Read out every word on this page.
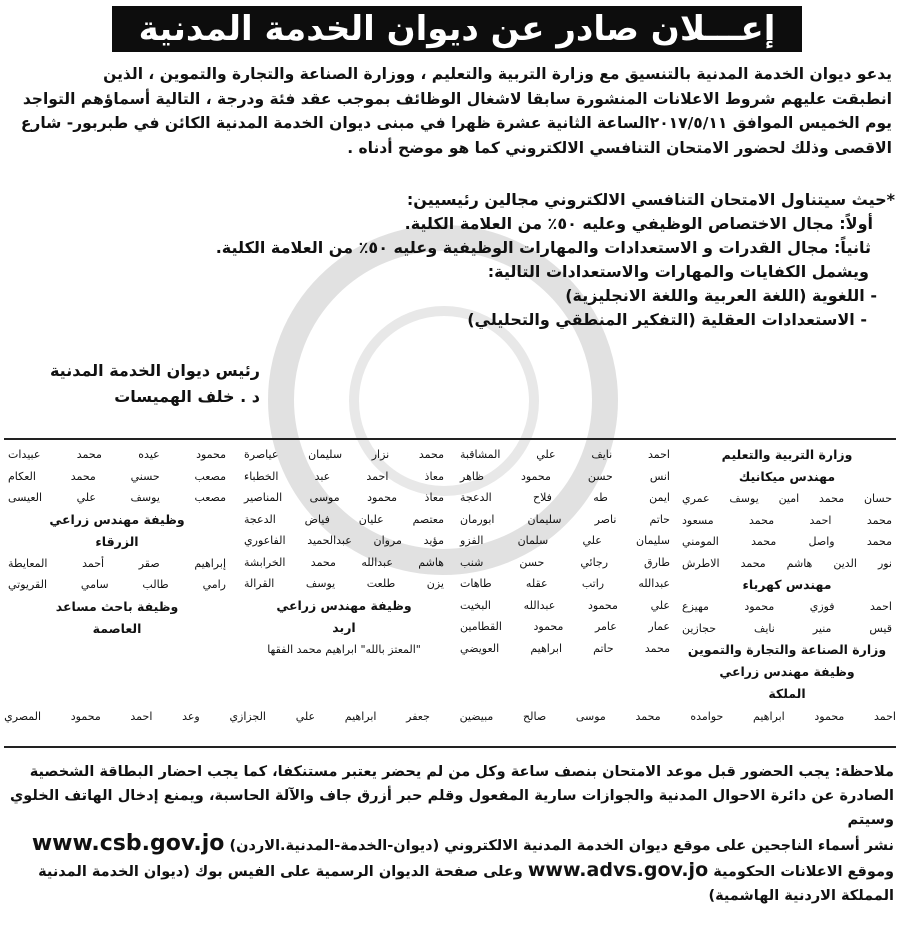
إعـــلان صادر عن ديوان الخدمة المدنية

يدعو ديوان الخدمة المدنية بالتنسيق مع وزارة التربية والتعليم ، ووزارة الصناعة والتجارة والتموين ، الذين

انطبقت عليهم شروط الاعلانات المنشورة سابقا لاشغال الوظائف بموجب عقد فئة ودرجة ، التالية أسماؤهم التواجد

يوم الخميس الموافق ٢٠١٧/٥/١١الساعة الثانية عشرة ظهرا في مبنى ديوان الخدمة المدنية الكائن في طبربور- شارع

الاقصى وذلك لحضور الامتحان التنافسي الالكتروني كما هو موضح أدناه .

*حيث سيتناول الامتحان التنافسي الالكتروني مجالين رئيسيين:
أولاً: مجال الاختصاص الوظيفي وعليه ٥٠٪ من العلامة الكلية.
ثانياً: مجال القدرات و الاستعدادات والمهارات الوظيفية وعليه ٥٠٪ من العلامة الكلية.
ويشمل الكفايات والمهارات والاستعدادات التالية:
- اللغوية (اللغة العربية واللغة الانجليزية)
- الاستعدادات العقلية (التفكير المنطقي والتحليلي)
رئيس ديوان الخدمة المدنية
د . خلف الهميسات
وزارة التربية والتعليم
مهندس ميكانيك
حسان
محمد
امين
يوسف
عمري
محمد
احمد
محمد
مسعود
محمد
واصل
محمد
المومني
نور
الدين
هاشم
محمد
الاطرش
مهندس كهرباء
احمد
فوزي
محمود
مهيزع
قيس
منير
نايف
حجازين
وزارة الصناعة والتجارة والتموين
وظيفة مهندس زراعي
الملكة
احمد
نايف
علي
المشاقبة
انس
حسن
محمود
ظاهر
ايمن
طه
فلاح
الدعجة
حاتم
ناصر
سليمان
ابورمان
سليمان
علي
سلمان
الفزو
طارق
رجائي
حسن
شنب
عبدالله
راتب
عقله
طاهات
علي
محمود
عبدالله
البخيت
عمار
عامر
محمود
القطامين
محمد
حاتم
ابراهيم
العويضي
محمد
نزار
سليمان
عياصرة
معاذ
احمد
عبد
الخطباء
معاذ
محمود
موسى
المناصير
معتصم
عليان
فياض
الدعجة
مؤيد
مروان
عبدالحميد
الفاعوري
هاشم
عبدالله
محمد
الخرابشة
يزن
طلعت
يوسف
القرالة
وظيفة مهندس زراعي
اربد
"المعتز بالله" ابراهيم محمد الفقها
محمود
عيده
محمد
عبيدات
مصعب
حسني
محمد
العكام
مصعب
يوسف
علي
العيسى
وظيفة مهندس زراعي
الزرقاء
إبراهيم
صقر
أحمد
المعايطة
رامي
طالب
سامي
القريوتي
وظيفة باحث مساعد
العاصمة
احمد
محمود
ابراهيم
حوامده
محمد
موسى
صالح
مبيضين
جعفر
ابراهيم
علي
الجزازي
وعد
احمد
محمود
المصري
ملاحظة: يجب الحضور قبل موعد الامتحان بنصف ساعة وكل من لم يحضر يعتبر مستنكفا، كما يجب احضار البطاقة الشخصية
الصادرة عن دائرة الاحوال المدنية والجوازات سارية المفعول وقلم حبر أزرق جاف والآلة الحاسبة، ويمنع إدخال الهاتف الخلوي وسيتم
نشر أسماء الناجحين على موقع ديوان الخدمة المدنية الالكتروني (ديوان-الخدمة-المدنية.الاردن) www.csb.gov.jo
وموقع الاعلانات الحكومية www.advs.gov.jo وعلى صفحة الديوان الرسمية على الفيس بوك (ديوان الخدمة المدنية
المملكة الاردنية الهاشمية)
